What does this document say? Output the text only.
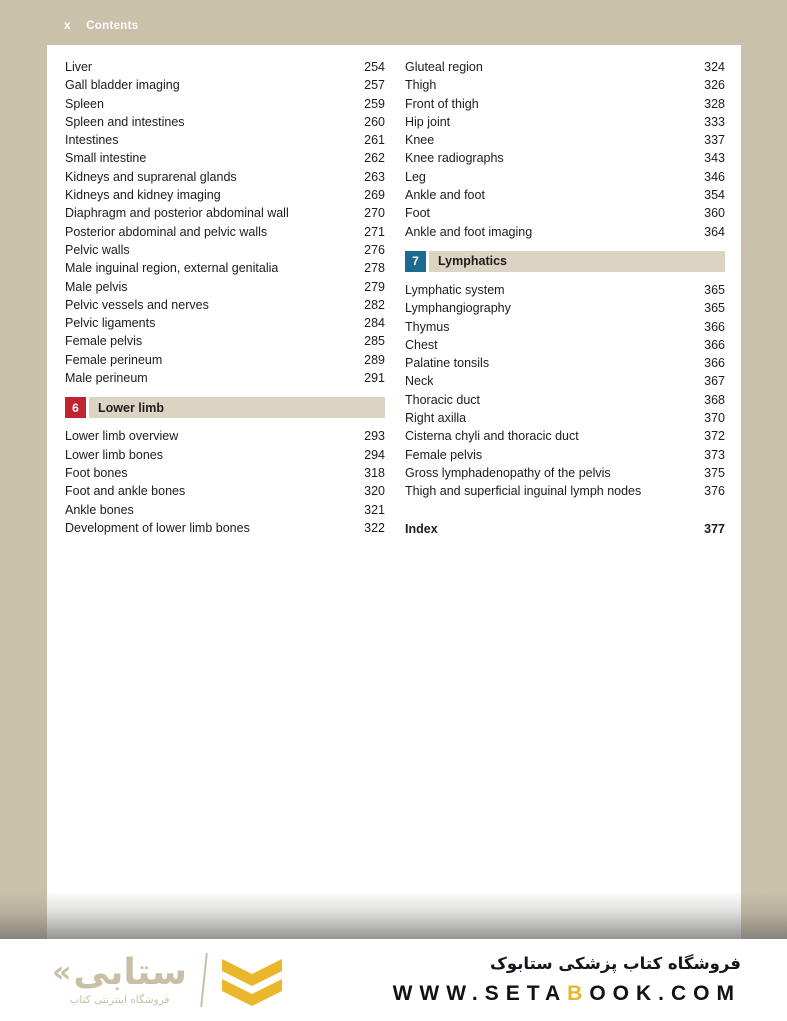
x Contents
Liver	254
Gall bladder imaging	257
Spleen	259
Spleen and intestines	260
Intestines	261
Small intestine	262
Kidneys and suprarenal glands	263
Kidneys and kidney imaging	269
Diaphragm and posterior abdominal wall	270
Posterior abdominal and pelvic walls	271
Pelvic walls	276
Male inguinal region, external genitalia	278
Male pelvis	279
Pelvic vessels and nerves	282
Pelvic ligaments	284
Female pelvis	285
Female perineum	289
Male perineum	291
6	Lower limb
Lower limb overview	293
Lower limb bones	294
Foot bones	318
Foot and ankle bones	320
Ankle bones	321
Development of lower limb bones	322
Gluteal region	324
Thigh	326
Front of thigh	328
Hip joint	333
Knee	337
Knee radiographs	343
Leg	346
Ankle and foot	354
Foot	360
Ankle and foot imaging	364
7	Lymphatics
Lymphatic system	365
Lymphangiography	365
Thymus	366
Chest	366
Palatine tonsils	366
Neck	367
Thoracic duct	368
Right axilla	370
Cisterna chyli and thoracic duct	372
Female pelvis	373
Gross lymphadenopathy of the pelvis	375
Thigh and superficial inguinal lymph nodes	376
Index	377
« ستابی
فروشگاه اینترنتی کتاب
فروشگاه کتاب پزشکی ستابوک
WWW.SETABOOK.COM
